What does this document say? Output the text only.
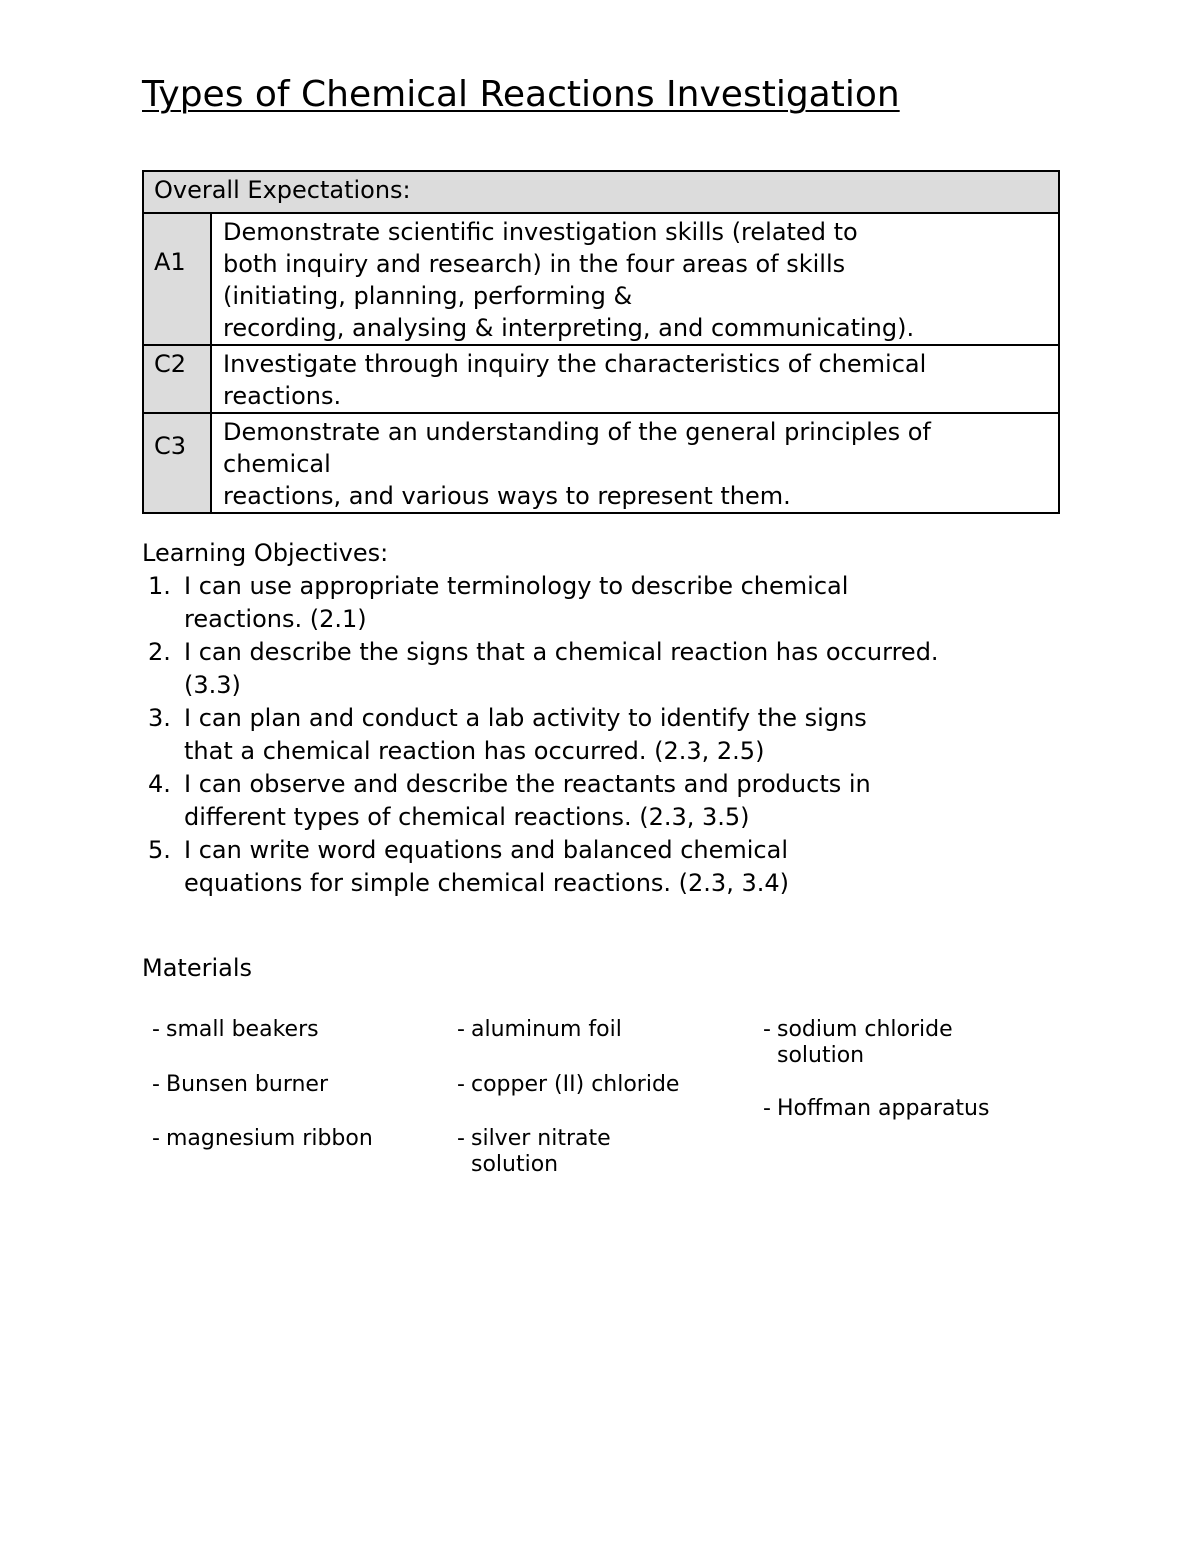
Types of Chemical Reactions Investigation
Overall Expectations:	
A1	Demonstrate scientific investigation skills (related to
both inquiry and research) in the four areas of skills
(initiating, planning, performing &
recording, analysing & interpreting, and communicating).

C2	Investigate through inquiry the characteristics of chemical
reactions.

C3	Demonstrate an understanding of the general principles of
chemical
reactions, and various ways to represent them.
Learning Objectives:
1. I can use appropriate terminology to describe chemical
reactions. (2.1)
2. I can describe the signs that a chemical reaction has occurred.
(3.3)
3. I can plan and conduct a lab activity to identify the signs
that a chemical reaction has occurred. (2.3, 2.5)
4. I can observe and describe the reactants and products in
different types of chemical reactions. (2.3, 3.5)
5. I can write word equations and balanced chemical
equations for simple chemical reactions. (2.3, 3.4)
Materials
- small beakers
- Bunsen burner
- magnesium ribbon
- aluminum foil
- copper (II) chloride
- silver nitrate
solution
- sodium chloride
solution
- Hoffman apparatus
